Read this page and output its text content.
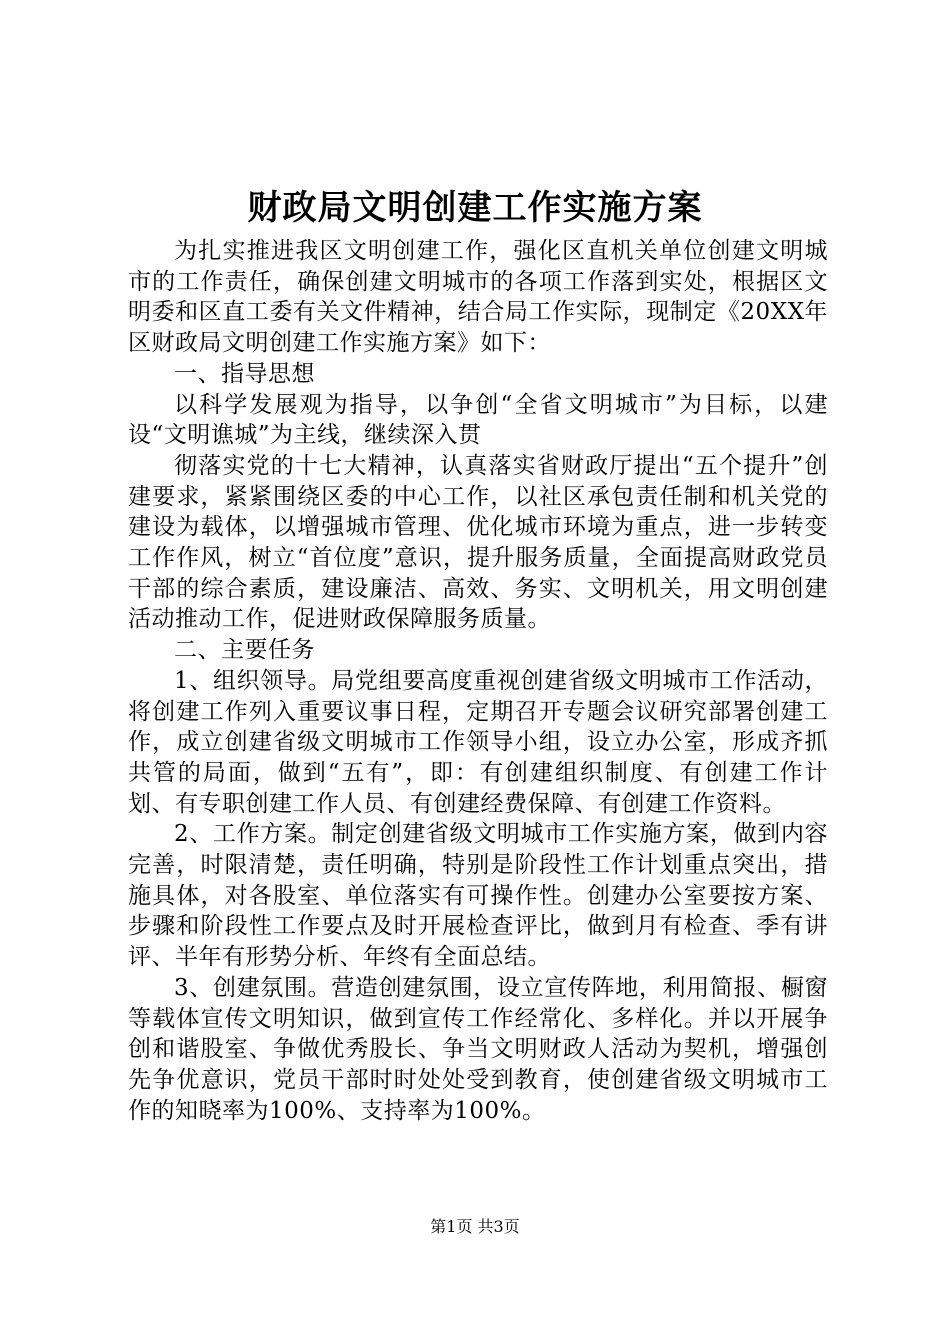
财政局文明创建工作实施方案

为扎实推进我区文明创建工作，强化区直机关单位创建文明城市的工作责任，确保创建文明城市的各项工作落到实处，根据区文明委和区直工委有关文件精神，结合局工作实际，现制定《20XX年区财政局文明创建工作实施方案》如下：

一、指导思想

以科学发展观为指导，以争创“全省文明城市”为目标，以建设“文明谯城”为主线，继续深入贯

彻落实党的十七大精神，认真落实省财政厅提出“五个提升”创建要求，紧紧围绕区委的中心工作，以社区承包责任制和机关党的建设为载体，以增强城市管理、优化城市环境为重点，进一步转变工作作风，树立“首位度”意识，提升服务质量，全面提高财政党员干部的综合素质，建设廉洁、高效、务实、文明机关，用文明创建活动推动工作，促进财政保障服务质量。

二、主要任务

1、组织领导。局党组要高度重视创建省级文明城市工作活动，将创建工作列入重要议事日程，定期召开专题会议研究部署创建工作，成立创建省级文明城市工作领导小组，设立办公室，形成齐抓共管的局面，做到“五有”，即：有创建组织制度、有创建工作计划、有专职创建工作人员、有创建经费保障、有创建工作资料。

2、工作方案。制定创建省级文明城市工作实施方案，做到内容完善，时限清楚，责任明确，特别是阶段性工作计划重点突出，措施具体，对各股室、单位落实有可操作性。创建办公室要按方案、步骤和阶段性工作要点及时开展检查评比，做到月有检查、季有讲评、半年有形势分析、年终有全面总结。

3、创建氛围。营造创建氛围，设立宣传阵地，利用简报、橱窗等载体宣传文明知识，做到宣传工作经常化、多样化。并以开展争创和谐股室、争做优秀股长、争当文明财政人活动为契机，增强创先争优意识，党员干部时时处处受到教育，使创建省级文明城市工作的知晓率为100%、支持率为100%。

第1页 共3页
